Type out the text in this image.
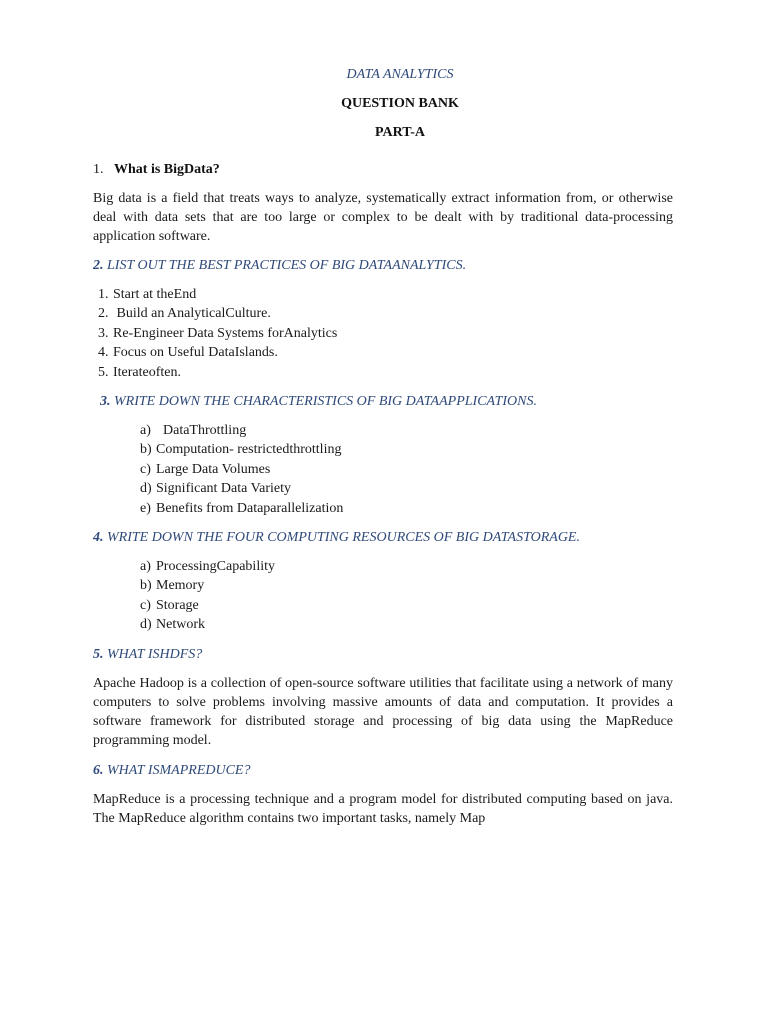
DATA ANALYTICS
QUESTION BANK
PART-A
1. What is BigData?

Big data is a field that treats ways to analyze, systematically extract information from, or otherwise deal with data sets that are too large or complex to be dealt with by traditional data-processing application software.

2. LIST OUT THE BEST PRACTICES OF BIG DATAANALYTICS.
1. Start at theEnd
2. Build an AnalyticalCulture.
3. Re-Engineer Data Systems forAnalytics
4. Focus on Useful DataIslands.
5. Iterateoften.
3. WRITE DOWN THE CHARACTERISTICS OF BIG DATAAPPLICATIONS.
a) DataThrottling
b) Computation- restrictedthrottling
c) Large Data Volumes
d) Significant Data Variety
e) Benefits from Dataparallelization
4. WRITE DOWN THE FOUR COMPUTING RESOURCES OF BIG DATASTORAGE.
a) ProcessingCapability
b) Memory
c) Storage
d) Network
5. WHAT ISHDFS?

Apache Hadoop is a collection of open-source software utilities that facilitate using a network of many computers to solve problems involving massive amounts of data and computation. It provides a software framework for distributed storage and processing of big data using the MapReduce programming model.

6. WHAT ISMAPREDUCE?

MapReduce is a processing technique and a program model for distributed computing based on java. The MapReduce algorithm contains two important tasks, namely Map
